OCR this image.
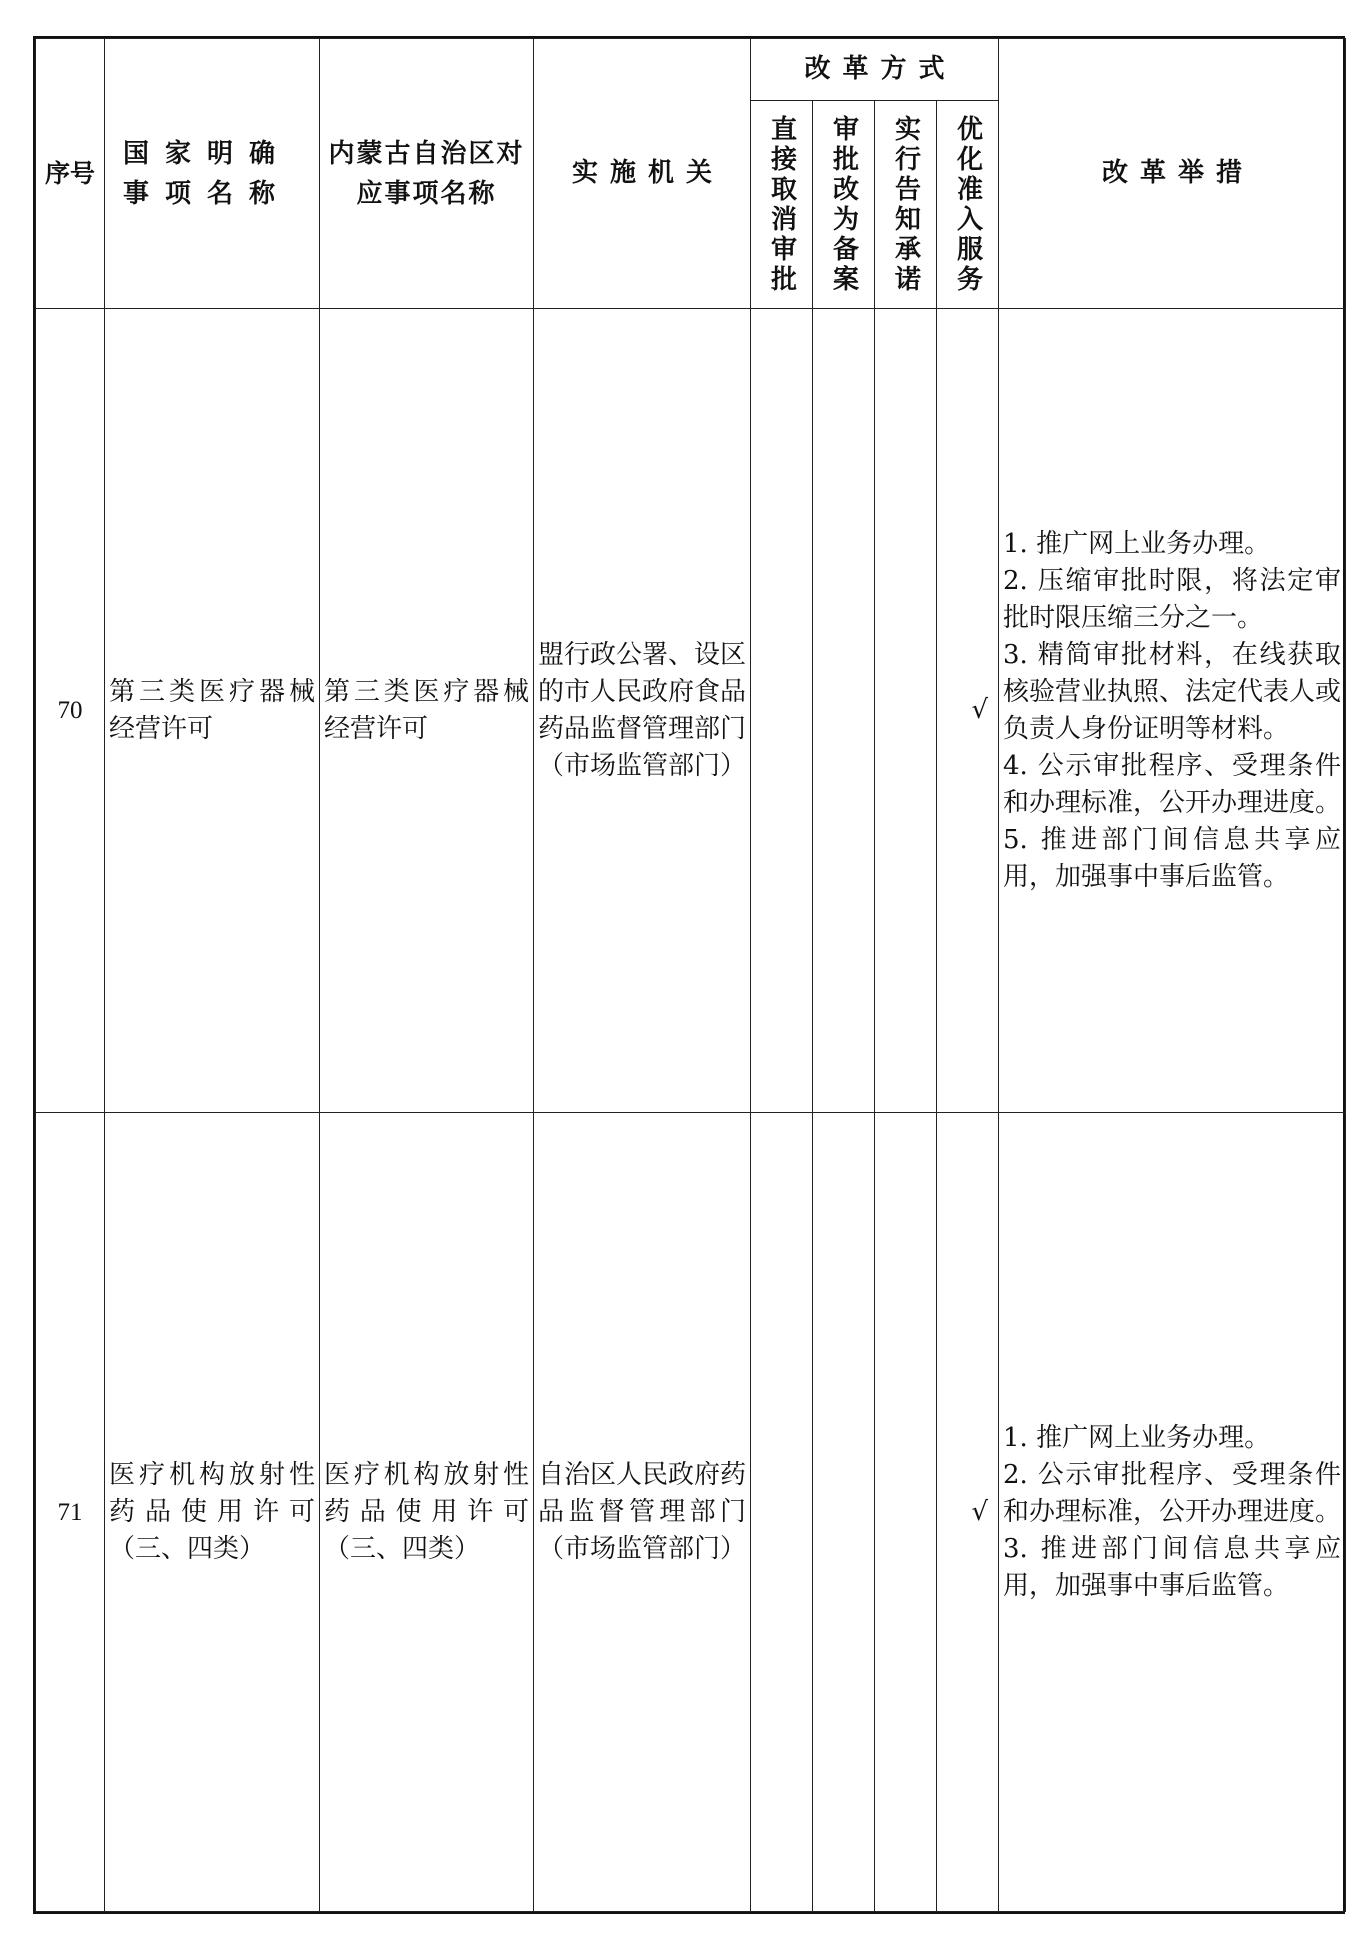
序号	国家明确事项名称	内蒙古自治区对应事项名称	实施机关	改革方式				改革举措

				直接取消审批	审批改为备案	实行告知承诺	优化准入服务	

70	第三类医疗器械经营许可	第三类医疗器械经营许可	盟行政公署、设区的市人民政府食品药品监督管理部门（市场监管部门）				√	1. 推广网上业务办理。
2. 压缩审批时限，将法定审批时限压缩三分之一。
3. 精简审批材料，在线获取核验营业执照、法定代表人或负责人身份证明等材料。
4. 公示审批程序、受理条件和办理标准，公开办理进度。
5. 推进部门间信息共享应用，加强事中事后监管。

71	医疗机构放射性药品使用许可（三、四类）	医疗机构放射性药品使用许可（三、四类）	自治区人民政府药品监督管理部门（市场监管部门）				√	1. 推广网上业务办理。
2. 公示审批程序、受理条件和办理标准，公开办理进度。
3. 推进部门间信息共享应用，加强事中事后监管。
